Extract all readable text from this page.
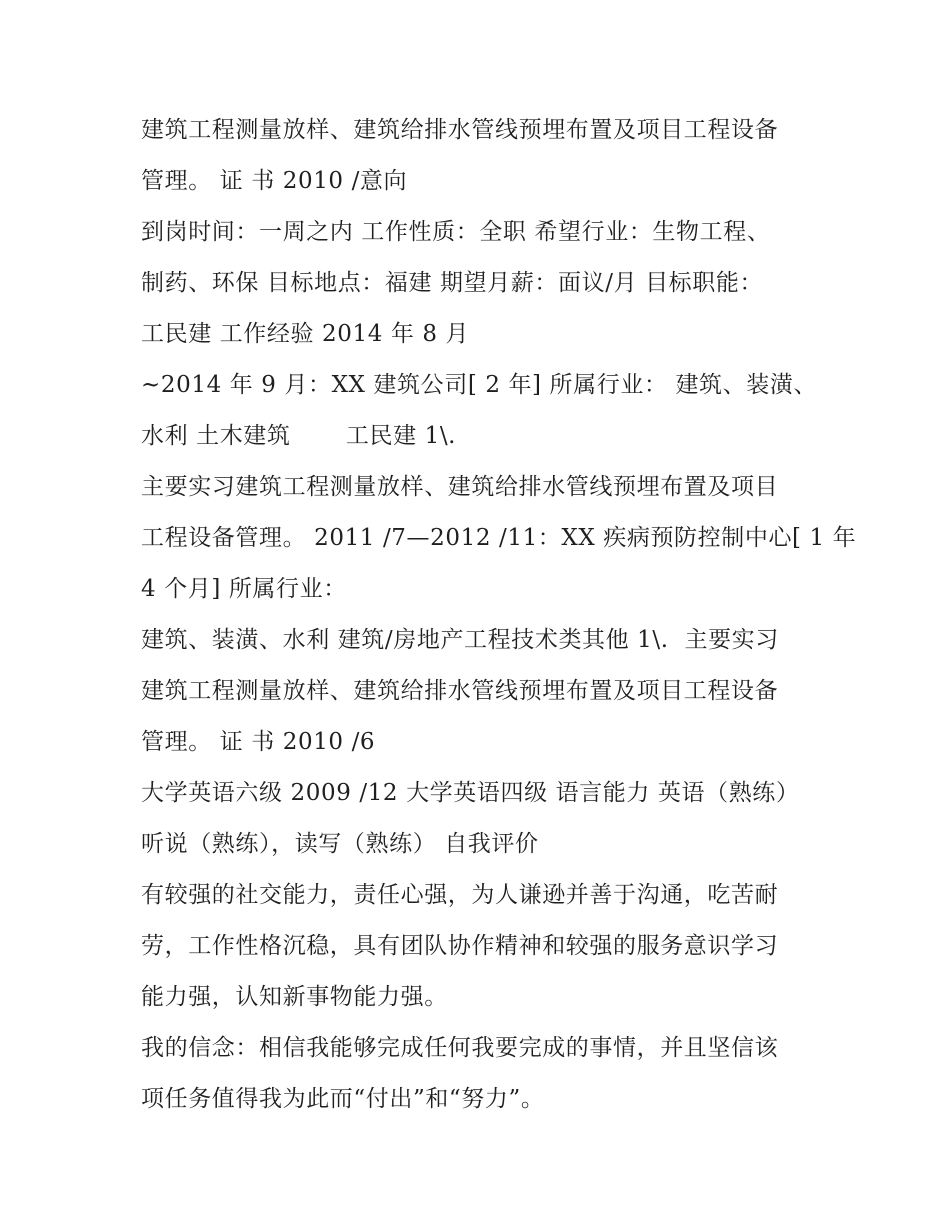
建筑工程测量放样、建筑给排水管线预埋布置及项目工程设备
管理。 证 书 2010 /意向
到岗时间：一周之内 工作性质：全职 希望行业：生物工程、
制药、环保 目标地点：福建 期望月薪：面议/月 目标职能：
工民建 工作经验 2014 年 8 月
~2014 年 9 月：XX 建筑公司[ 2 年] 所属行业： 建筑、装潢、
水利 土木建筑       工民建 1\.
主要实习建筑工程测量放样、建筑给排水管线预埋布置及项目
工程设备管理。 2011 /7—2012 /11：XX 疾病预防控制中心[ 1 年
4 个月] 所属行业：
建筑、装潢、水利 建筑/房地产工程技术类其他 1\.  主要实习
建筑工程测量放样、建筑给排水管线预埋布置及项目工程设备
管理。 证 书 2010 /6
大学英语六级 2009 /12 大学英语四级 语言能力 英语（熟练）
听说（熟练），读写（熟练） 自我评价
有较强的社交能力，责任心强，为人谦逊并善于沟通，吃苦耐
劳，工作性格沉稳，具有团队协作精神和较强的服务意识学习
能力强，认知新事物能力强。
我的信念：相信我能够完成任何我要完成的事情，并且坚信该
项任务值得我为此而“付出”和“努力”。
